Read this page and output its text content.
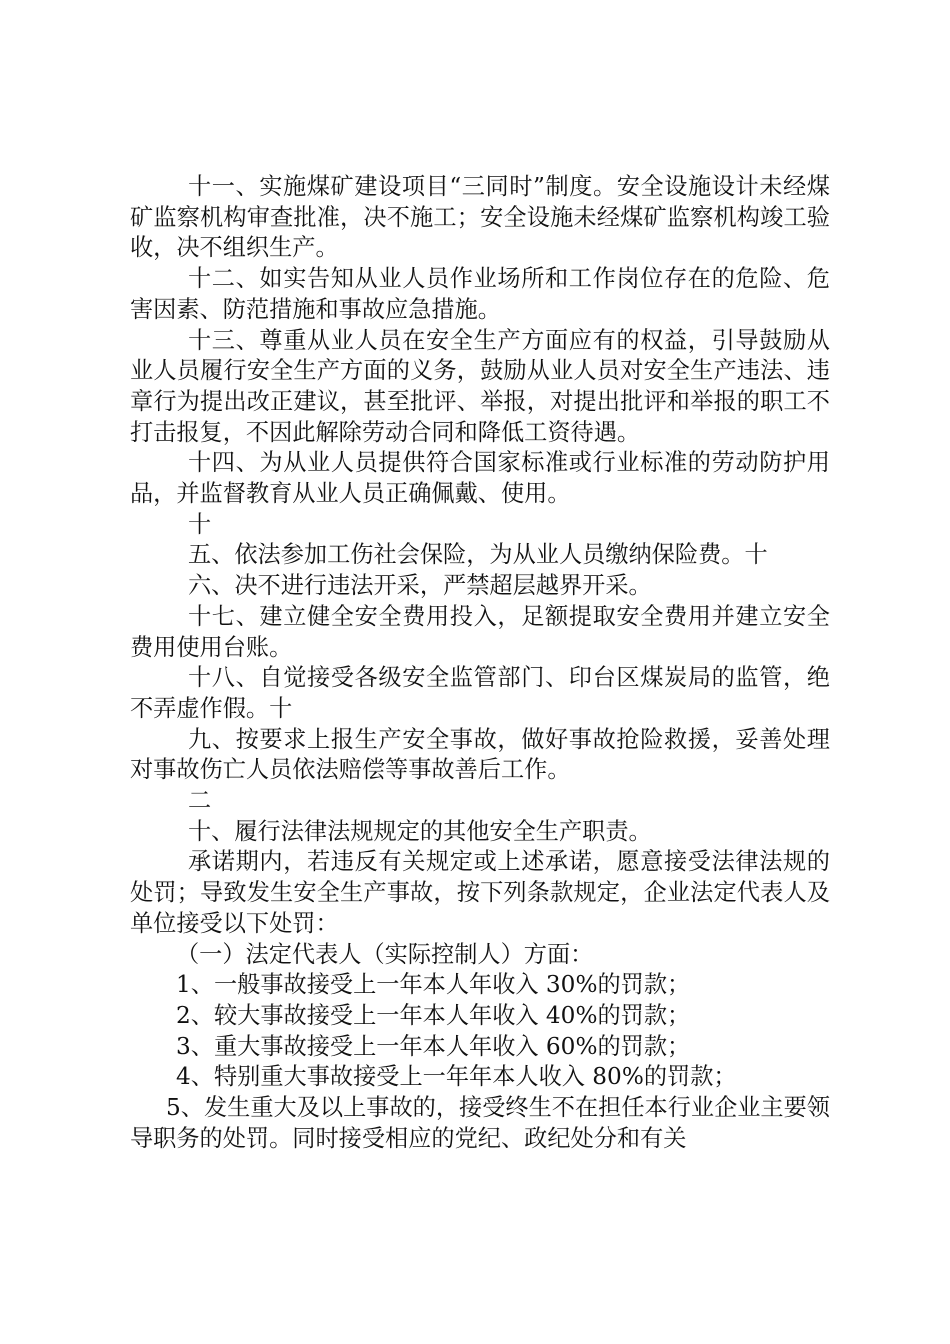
十一、实施煤矿建设项目“三同时”制度。安全设施设计未经煤矿监察机构审查批准，决不施工；安全设施未经煤矿监察机构竣工验收，决不组织生产。

十二、如实告知从业人员作业场所和工作岗位存在的危险、危害因素、防范措施和事故应急措施。

十三、尊重从业人员在安全生产方面应有的权益，引导鼓励从业人员履行安全生产方面的义务，鼓励从业人员对安全生产违法、违章行为提出改正建议，甚至批评、举报，对提出批评和举报的职工不打击报复，不因此解除劳动合同和降低工资待遇。

十四、为从业人员提供符合国家标准或行业标准的劳动防护用品，并监督教育从业人员正确佩戴、使用。

十

五、依法参加工伤社会保险，为从业人员缴纳保险费。十

六、决不进行违法开采，严禁超层越界开采。

十七、建立健全安全费用投入，足额提取安全费用并建立安全费用使用台账。

十八、自觉接受各级安全监管部门、印台区煤炭局的监管，绝不弄虚作假。十

九、按要求上报生产安全事故，做好事故抢险救援，妥善处理对事故伤亡人员依法赔偿等事故善后工作。

二

十、履行法律法规规定的其他安全生产职责。

承诺期内，若违反有关规定或上述承诺，愿意接受法律法规的处罚；导致发生安全生产事故，按下列条款规定，企业法定代表人及单位接受以下处罚：

（一）法定代表人（实际控制人）方面：

1、一般事故接受上一年本人年收入 30%的罚款；

2、较大事故接受上一年本人年收入 40%的罚款；

3、重大事故接受上一年本人年收入 60%的罚款；

4、特别重大事故接受上一年年本人收入 80%的罚款；

5、发生重大及以上事故的，接受终生不在担任本行业企业主要领导职务的处罚。同时接受相应的党纪、政纪处分和有关
